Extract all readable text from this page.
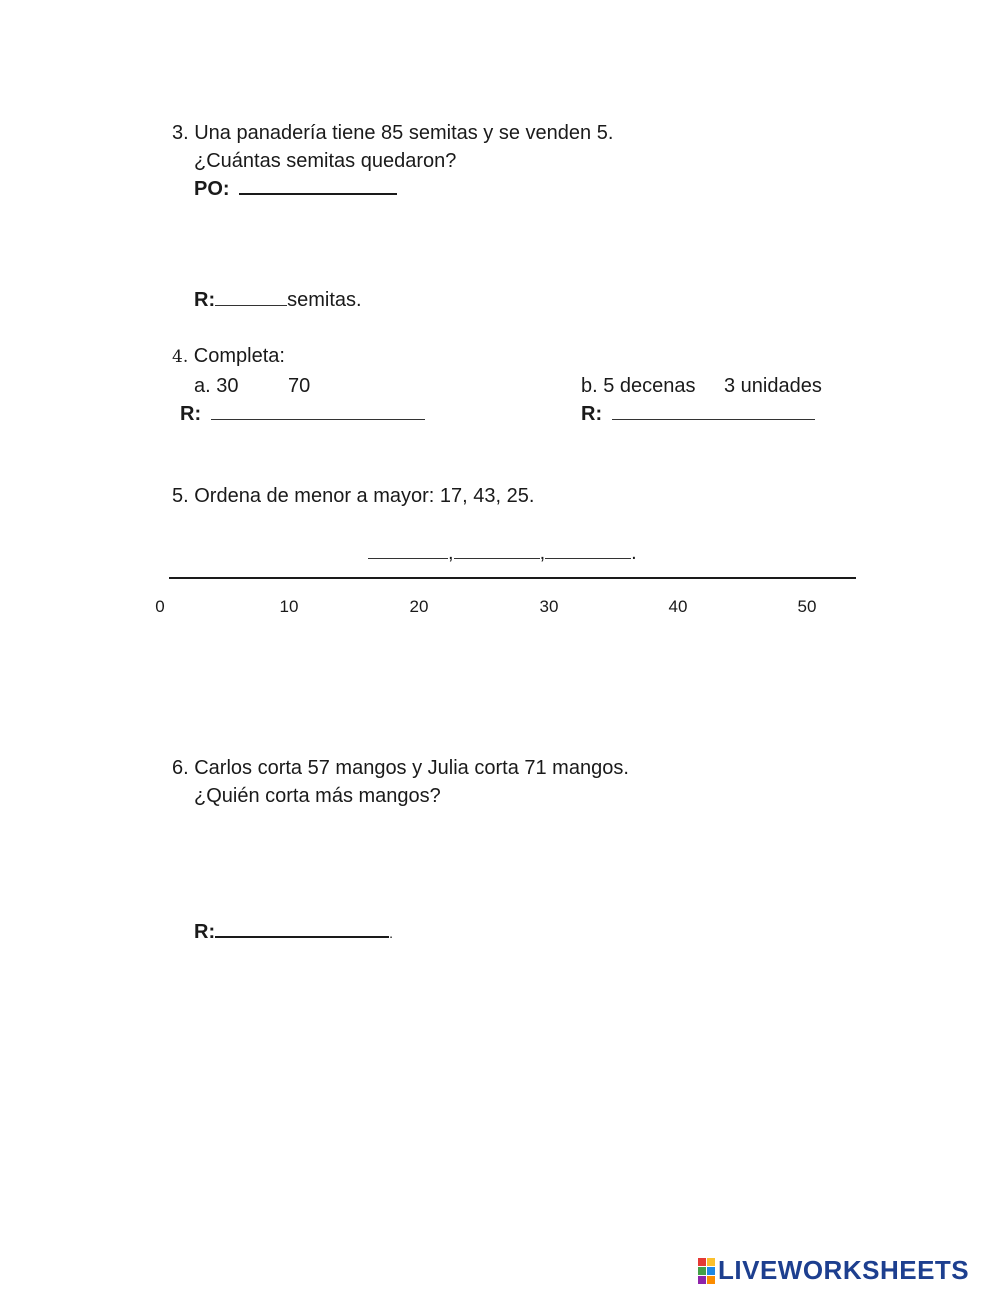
3. Una panadería tiene 85 semitas y se venden 5.
¿Cuántas semitas quedaron?
PO:
R:	semitas.
4. Completa:
a. 30 70	b. 5 decenas 3 unidades
R:	R:
5. Ordena de menor a mayor: 17, 43, 25.
,	,	.
0	10	20	30	40	50
6. Carlos corta 57 mangos y Julia corta 71 mangos.
¿Quién corta más mangos?
R:	.
LIVEWORKSHEETS
